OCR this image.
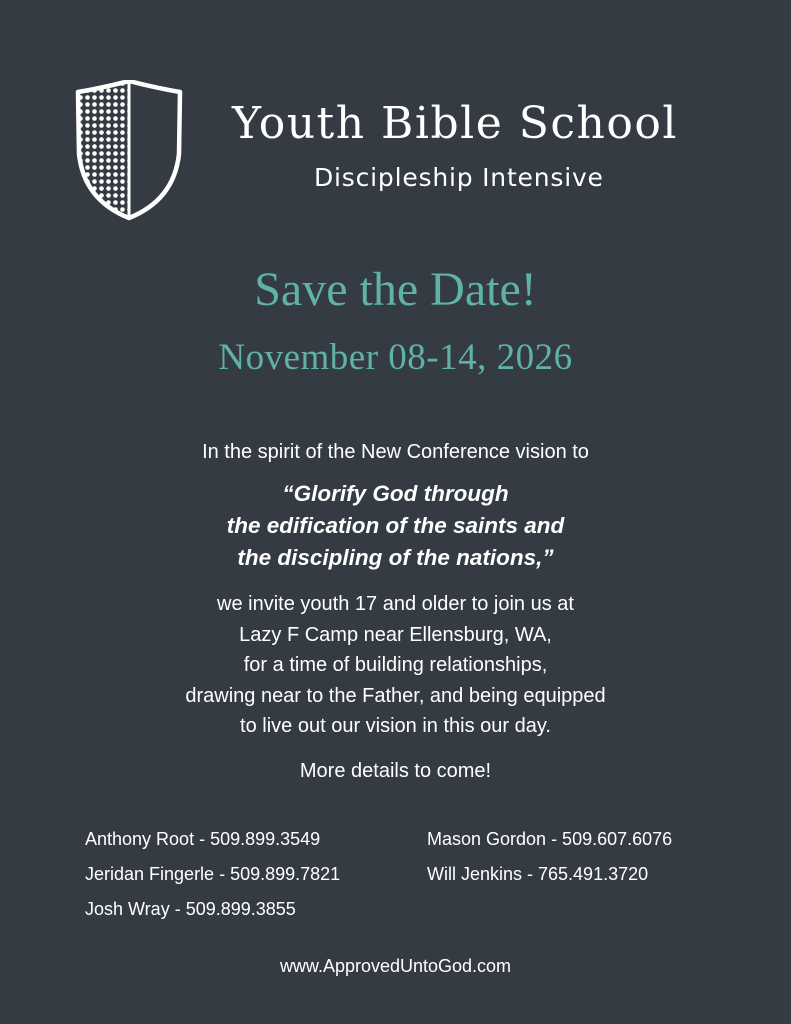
Youth Bible School
Discipleship Intensive
Save the Date!
November 08-14, 2026
In the spirit of the New Conference vision to
“Glorify God through
the edification of the saints and
the discipling of the nations,”
we invite youth 17 and older to join us at
Lazy F Camp near Ellensburg, WA,
for a time of building relationships,
drawing near to the Father, and being equipped
to live out our vision in this our day.
More details to come!
Anthony Root - 509.899.3549	Mason Gordon - 509.607.6076
Jeridan Fingerle - 509.899.7821	Will Jenkins - 765.491.3720
Josh Wray - 509.899.3855
www.ApprovedUntoGod.com
